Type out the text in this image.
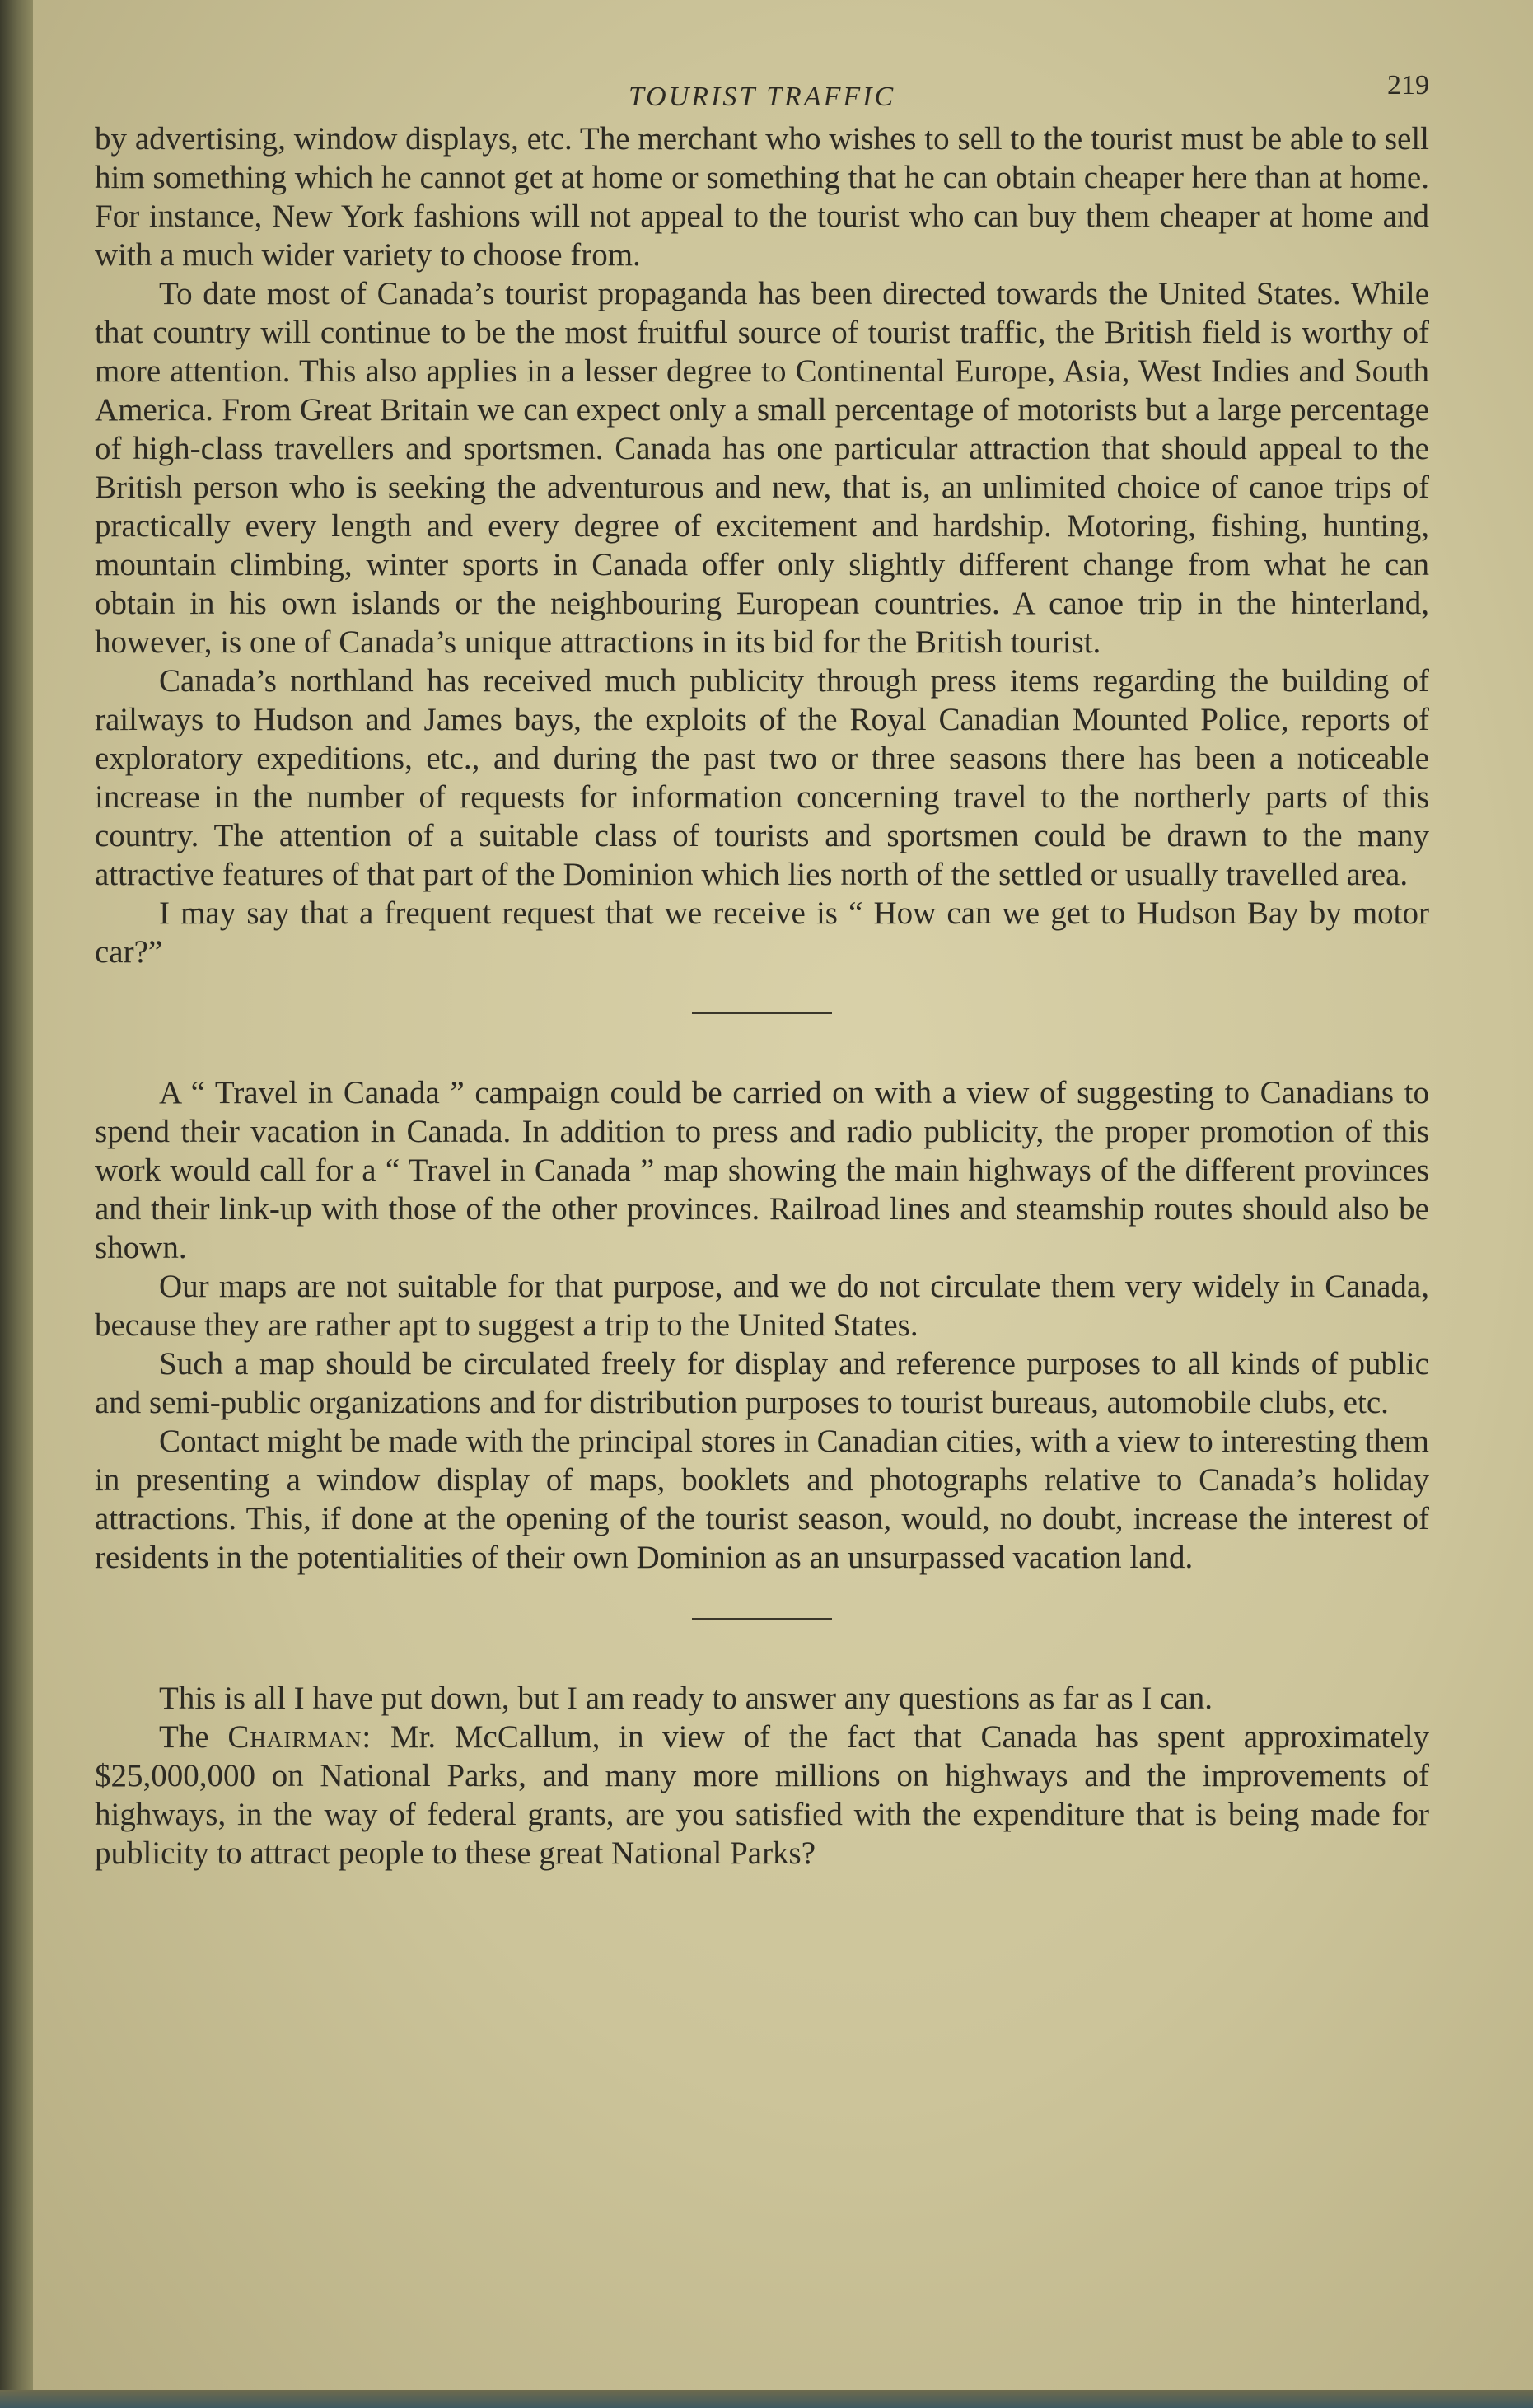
TOURIST TRAFFIC	219

by advertising, window displays, etc. The merchant who wishes to sell to the tourist must be able to sell him something which he cannot get at home or something that he can obtain cheaper here than at home. For instance, New York fashions will not appeal to the tourist who can buy them cheaper at home and with a much wider variety to choose from.

To date most of Canada’s tourist propaganda has been directed towards the United States. While that country will continue to be the most fruitful source of tourist traffic, the British field is worthy of more attention. This also applies in a lesser degree to Continental Europe, Asia, West Indies and South America. From Great Britain we can expect only a small percentage of motorists but a large percentage of high-class travellers and sportsmen. Canada has one particular attraction that should appeal to the British person who is seeking the adventurous and new, that is, an unlimited choice of canoe trips of practically every length and every degree of excitement and hardship. Motoring, fishing, hunting, mountain climbing, winter sports in Canada offer only slightly different change from what he can obtain in his own islands or the neighbouring European countries. A canoe trip in the hinterland, however, is one of Canada’s unique attractions in its bid for the British tourist.

Canada’s northland has received much publicity through press items regarding the building of railways to Hudson and James bays, the exploits of the Royal Canadian Mounted Police, reports of exploratory expeditions, etc., and during the past two or three seasons there has been a noticeable increase in the number of requests for information concerning travel to the northerly parts of this country. The attention of a suitable class of tourists and sportsmen could be drawn to the many attractive features of that part of the Dominion which lies north of the settled or usually travelled area.

I may say that a frequent request that we receive is “ How can we get to Hudson Bay by motor car?”

A “ Travel in Canada ” campaign could be carried on with a view of suggesting to Canadians to spend their vacation in Canada. In addition to press and radio publicity, the proper promotion of this work would call for a “ Travel in Canada ” map showing the main highways of the different provinces and their link-up with those of the other provinces. Railroad lines and steamship routes should also be shown.

Our maps are not suitable for that purpose, and we do not circulate them very widely in Canada, because they are rather apt to suggest a trip to the United States.

Such a map should be circulated freely for display and reference purposes to all kinds of public and semi-public organizations and for distribution purposes to tourist bureaus, automobile clubs, etc.

Contact might be made with the principal stores in Canadian cities, with a view to interesting them in presenting a window display of maps, booklets and photographs relative to Canada’s holiday attractions. This, if done at the opening of the tourist season, would, no doubt, increase the interest of residents in the potentialities of their own Dominion as an unsurpassed vacation land.

This is all I have put down, but I am ready to answer any questions as far as I can.

The Chairman: Mr. McCallum, in view of the fact that Canada has spent approximately $25,000,000 on National Parks, and many more millions on highways and the improvements of highways, in the way of federal grants, are you satisfied with the expenditure that is being made for publicity to attract people to these great National Parks?
